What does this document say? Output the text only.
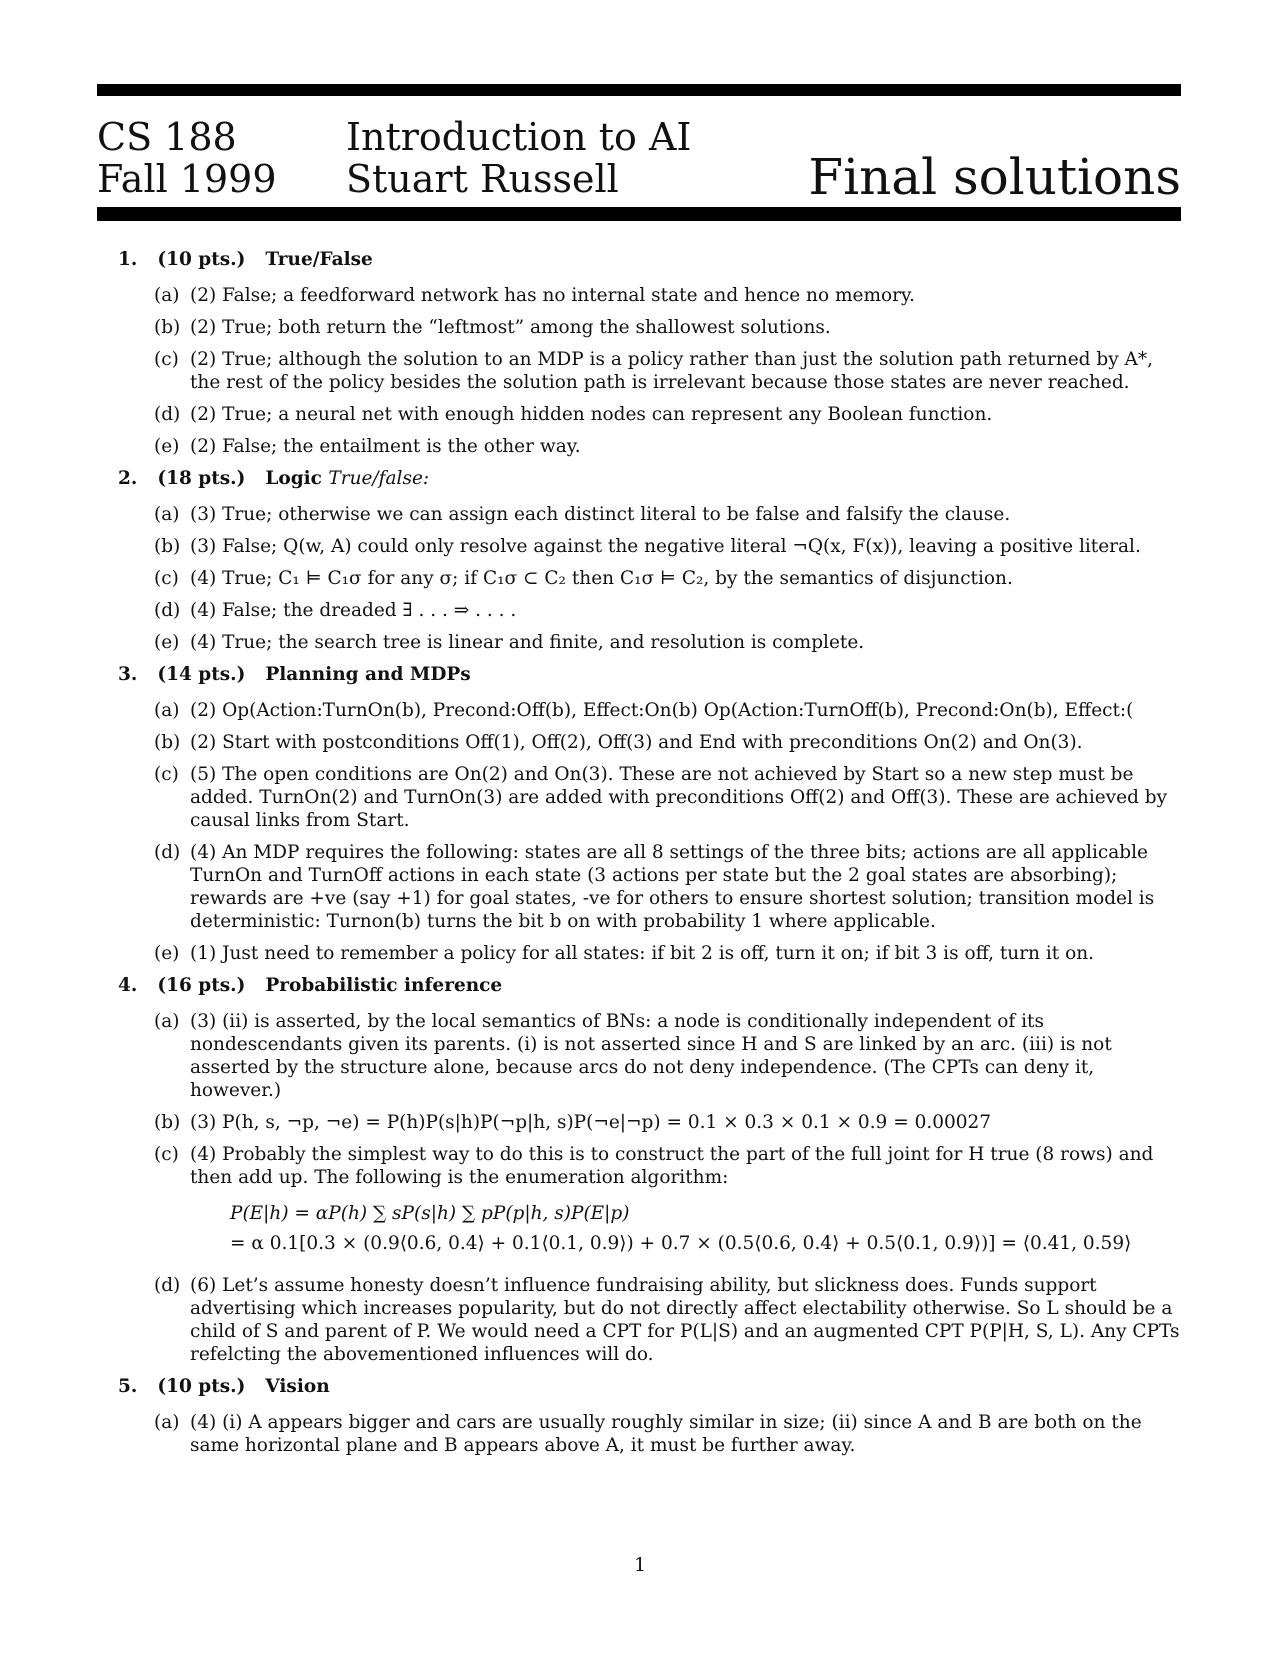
CS 188
Fall 1999
Introduction to AI
Stuart Russell	Final solutions
1. (10 pts.) True/False
(a) (2) False; a feedforward network has no internal state and hence no memory.
(b) (2) True; both return the “leftmost” among the shallowest solutions.
(c) (2) True; although the solution to an MDP is a policy rather than just the solution path returned by A*, the rest of the policy besides the solution path is irrelevant because those states are never reached.
(d) (2) True; a neural net with enough hidden nodes can represent any Boolean function.
(e) (2) False; the entailment is the other way.
2. (18 pts.) Logic True/false:
(a) (3) True; otherwise we can assign each distinct literal to be false and falsify the clause.
(b) (3) False; Q(w, A) could only resolve against the negative literal ¬Q(x, F(x)), leaving a positive literal.
(c) (4) True; C₁ ⊨ C₁σ for any σ; if C₁σ ⊂ C₂ then C₁σ ⊨ C₂, by the semantics of disjunction.
(d) (4) False; the dreaded ∃ . . . ⇒ . . . .
(e) (4) True; the search tree is linear and finite, and resolution is complete.
3. (14 pts.) Planning and MDPs
(a) (2) Op(Action:TurnOn(b), Precond:Off(b), Effect:On(b) Op(Action:TurnOff(b), Precond:On(b), Effect:(
(b) (2) Start with postconditions Off(1), Off(2), Off(3) and End with preconditions On(2) and On(3).
(c) (5) The open conditions are On(2) and On(3). These are not achieved by Start so a new step must be added. TurnOn(2) and TurnOn(3) are added with preconditions Off(2) and Off(3). These are achieved by causal links from Start.
(d) (4) An MDP requires the following: states are all 8 settings of the three bits; actions are all applicable TurnOn and TurnOff actions in each state (3 actions per state but the 2 goal states are absorbing); rewards are +ve (say +1) for goal states, -ve for others to ensure shortest solution; transition model is deterministic: Turnon(b) turns the bit b on with probability 1 where applicable.
(e) (1) Just need to remember a policy for all states: if bit 2 is off, turn it on; if bit 3 is off, turn it on.
4. (16 pts.) Probabilistic inference
(a) (3) (ii) is asserted, by the local semantics of BNs: a node is conditionally independent of its nondescendants given its parents. (i) is not asserted since H and S are linked by an arc. (iii) is not asserted by the structure alone, because arcs do not deny independence. (The CPTs can deny it, however.)
(b) (3) P(h, s, ¬p, ¬e) = P(h)P(s|h)P(¬p|h, s)P(¬e|¬p) = 0.1 × 0.3 × 0.1 × 0.9 = 0.00027
(c) (4) Probably the simplest way to do this is to construct the part of the full joint for H true (8 rows) and then add up. The following is the enumeration algorithm:
P(E|h) = αP(h) ∑ sP(s|h) ∑ pP(p|h, s)P(E|p)
= α 0.1[0.3 × (0.9⟨0.6, 0.4⟩ + 0.1⟨0.1, 0.9⟩) + 0.7 × (0.5⟨0.6, 0.4⟩ + 0.5⟨0.1, 0.9⟩)] = ⟨0.41, 0.59⟩
(d) (6) Let’s assume honesty doesn’t influence fundraising ability, but slickness does. Funds support advertising which increases popularity, but do not directly affect electability otherwise. So L should be a child of S and parent of P. We would need a CPT for P(L|S) and an augmented CPT P(P|H, S, L). Any CPTs refelcting the abovementioned influences will do.
5. (10 pts.) Vision
(a) (4) (i) A appears bigger and cars are usually roughly similar in size; (ii) since A and B are both on the same horizontal plane and B appears above A, it must be further away.
1
